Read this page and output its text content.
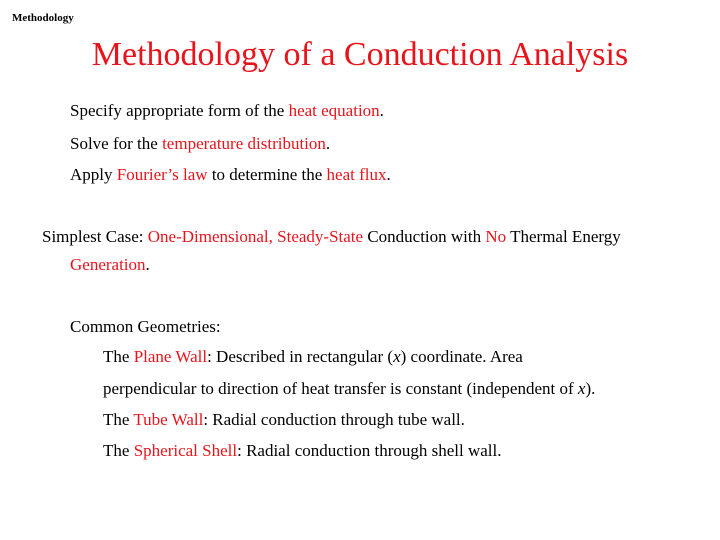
Methodology
Methodology of a Conduction Analysis
Specify appropriate form of the heat equation.
Solve for the temperature distribution.
Apply Fourier’s law to determine the heat flux.
Simplest Case: One-Dimensional, Steady-State Conduction with No Thermal Energy
Generation.
Common Geometries:
The Plane Wall: Described in rectangular (x) coordinate. Area
perpendicular to direction of heat transfer is constant (independent of x).
The Tube Wall: Radial conduction through tube wall.
The Spherical Shell: Radial conduction through shell wall.
